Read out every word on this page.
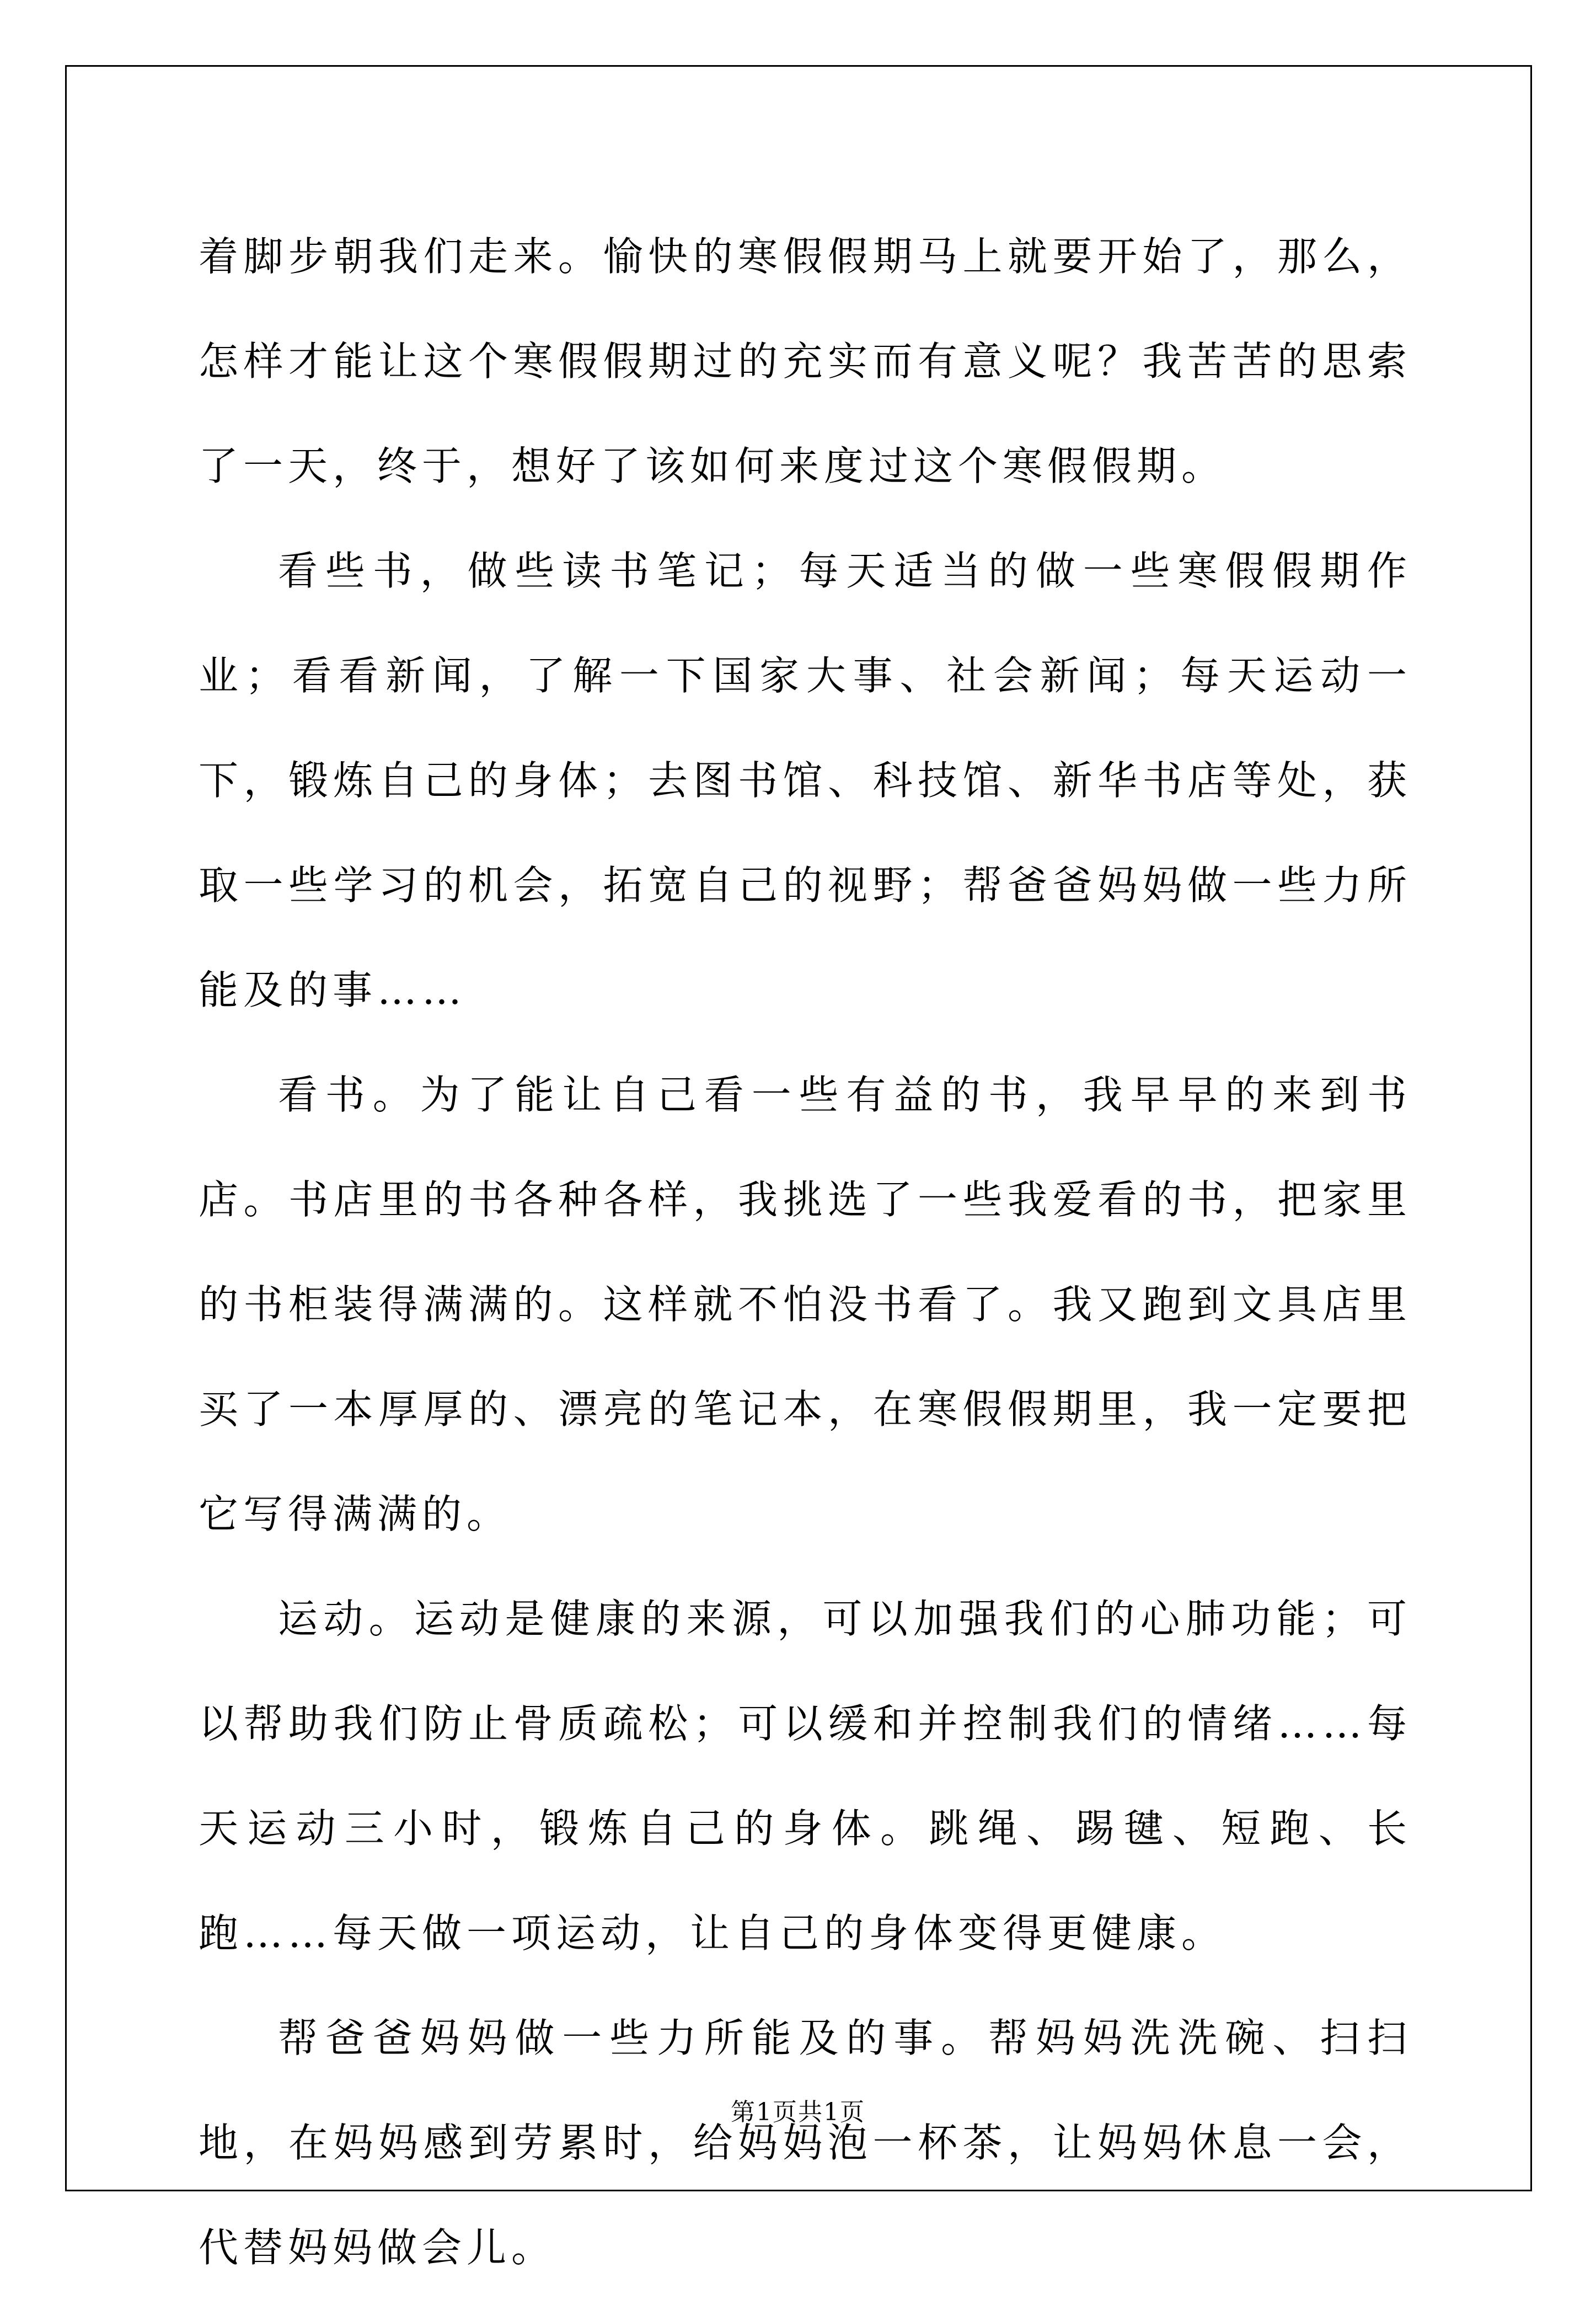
着脚步朝我们走来。愉快的寒假假期马上就要开始了，那么，怎样才能让这个寒假假期过的充实而有意义呢？我苦苦的思索了一天，终于，想好了该如何来度过这个寒假假期。

看些书，做些读书笔记；每天适当的做一些寒假假期作业；看看新闻，了解一下国家大事、社会新闻；每天运动一下，锻炼自己的身体；去图书馆、科技馆、新华书店等处，获取一些学习的机会，拓宽自己的视野；帮爸爸妈妈做一些力所能及的事……

看书。为了能让自己看一些有益的书，我早早的来到书店。书店里的书各种各样，我挑选了一些我爱看的书，把家里的书柜装得满满的。这样就不怕没书看了。我又跑到文具店里买了一本厚厚的、漂亮的笔记本，在寒假假期里，我一定要把它写得满满的。

运动。运动是健康的来源，可以加强我们的心肺功能；可以帮助我们防止骨质疏松；可以缓和并控制我们的情绪……每天运动三小时，锻炼自己的身体。跳绳、踢毽、短跑、长跑……每天做一项运动，让自己的身体变得更健康。

帮爸爸妈妈做一些力所能及的事。帮妈妈洗洗碗、扫扫地，在妈妈感到劳累时，给妈妈泡一杯茶，让妈妈休息一会，代替妈妈做会儿。

第1页共1页
